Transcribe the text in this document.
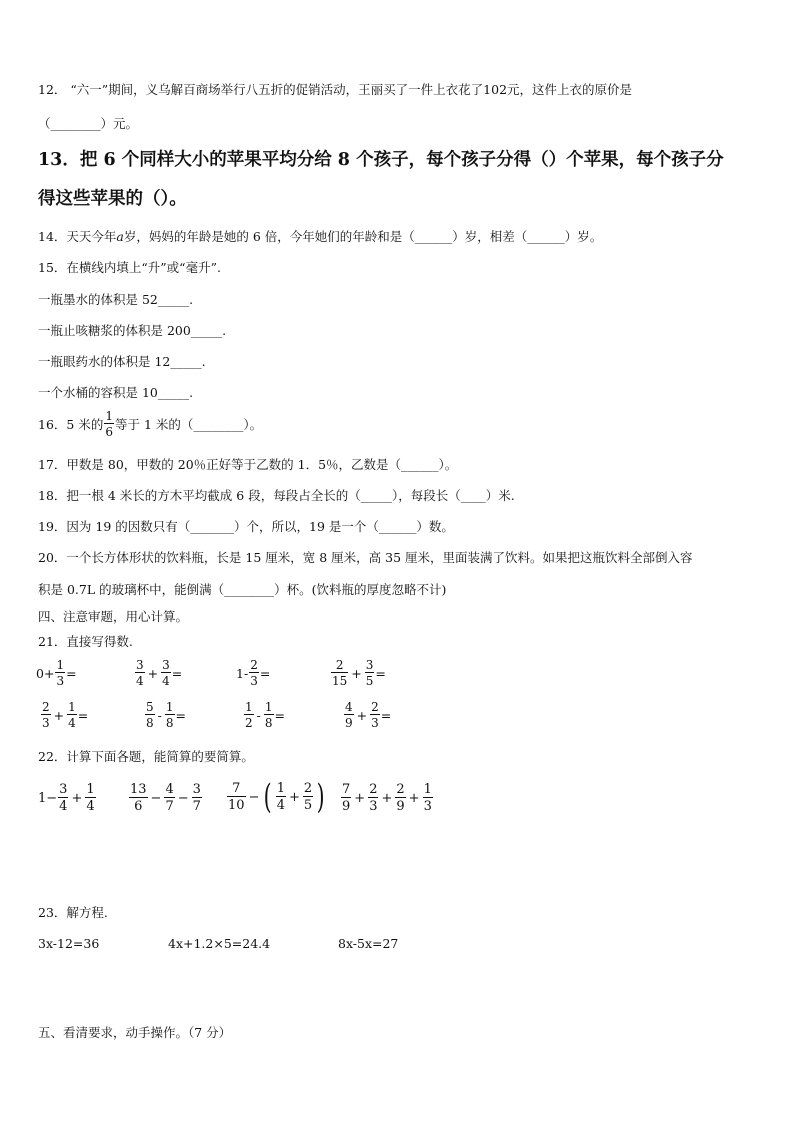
12． “六一”期间，义乌解百商场举行八五折的促销活动，王丽买了一件上衣花了102元，这件上衣的原价是
（________）元。
13．把 6 个同样大小的苹果平均分给 8 个孩子，每个孩子分得（）个苹果，每个孩子分
得这些苹果的（）。
14．天天今年a岁，妈妈的年龄是她的 6 倍，今年她们的年龄和是（______）岁，相差（______）岁。
15．在横线内填上“升”或“毫升”.
一瓶墨水的体积是 52_____.
一瓶止咳糖浆的体积是 200_____.
一瓶眼药水的体积是 12_____.
一个水桶的容积是 10_____.
16．5 米的 $\frac{1}{6}$ 等于 1 米的（________）。
17．甲数是 80，甲数的 20％正好等于乙数的 1．5％，乙数是（______）。
18．把一根 4 米长的方木平均截成 6 段，每段占全长的（_____），每段长（____）米.
19．因为 19 的因数只有（_______）个，所以，19 是一个（______）数。
20．一个长方体形状的饮料瓶，长是 15 厘米，宽 8 厘米，高 35 厘米，里面装满了饮料。如果把这瓶饮料全部倒入容
积是 0.7L 的玻璃杯中，能倒满（________）杯。(饮料瓶的厚度忽略不计)
四、注意审题，用心计算。
21．直接写得数.
$0+ \frac{1}{3}$ =	$\frac{3}{4} + \frac{3}{4}$ =	$1- \frac{2}{3}$ =	$\frac{2}{15} + \frac{3}{5}$ =
$\frac{2}{3} + \frac{1}{4}$ =	$\frac{5}{8} - \frac{1}{8}$ =	$\frac{1}{2} - \frac{1}{8}$ =	$\frac{4}{9} + \frac{2}{3}$ =
22．计算下面各题，能简算的要简算。
$1- \frac{3}{4} + \frac{1}{4}$	$\frac{13}{6} - \frac{4}{7} - \frac{3}{7} \frac{7}{10}$ − ( $\frac{1}{4} + \frac{2}{5}$ ) $\frac{7}{9} + \frac{2}{3} + \frac{2}{9} + \frac{1}{3}$
23．解方程.
3x-12=36	4x+1.2×5=24.4	8x-5x=27
五、看清要求，动手操作。（7 分）
